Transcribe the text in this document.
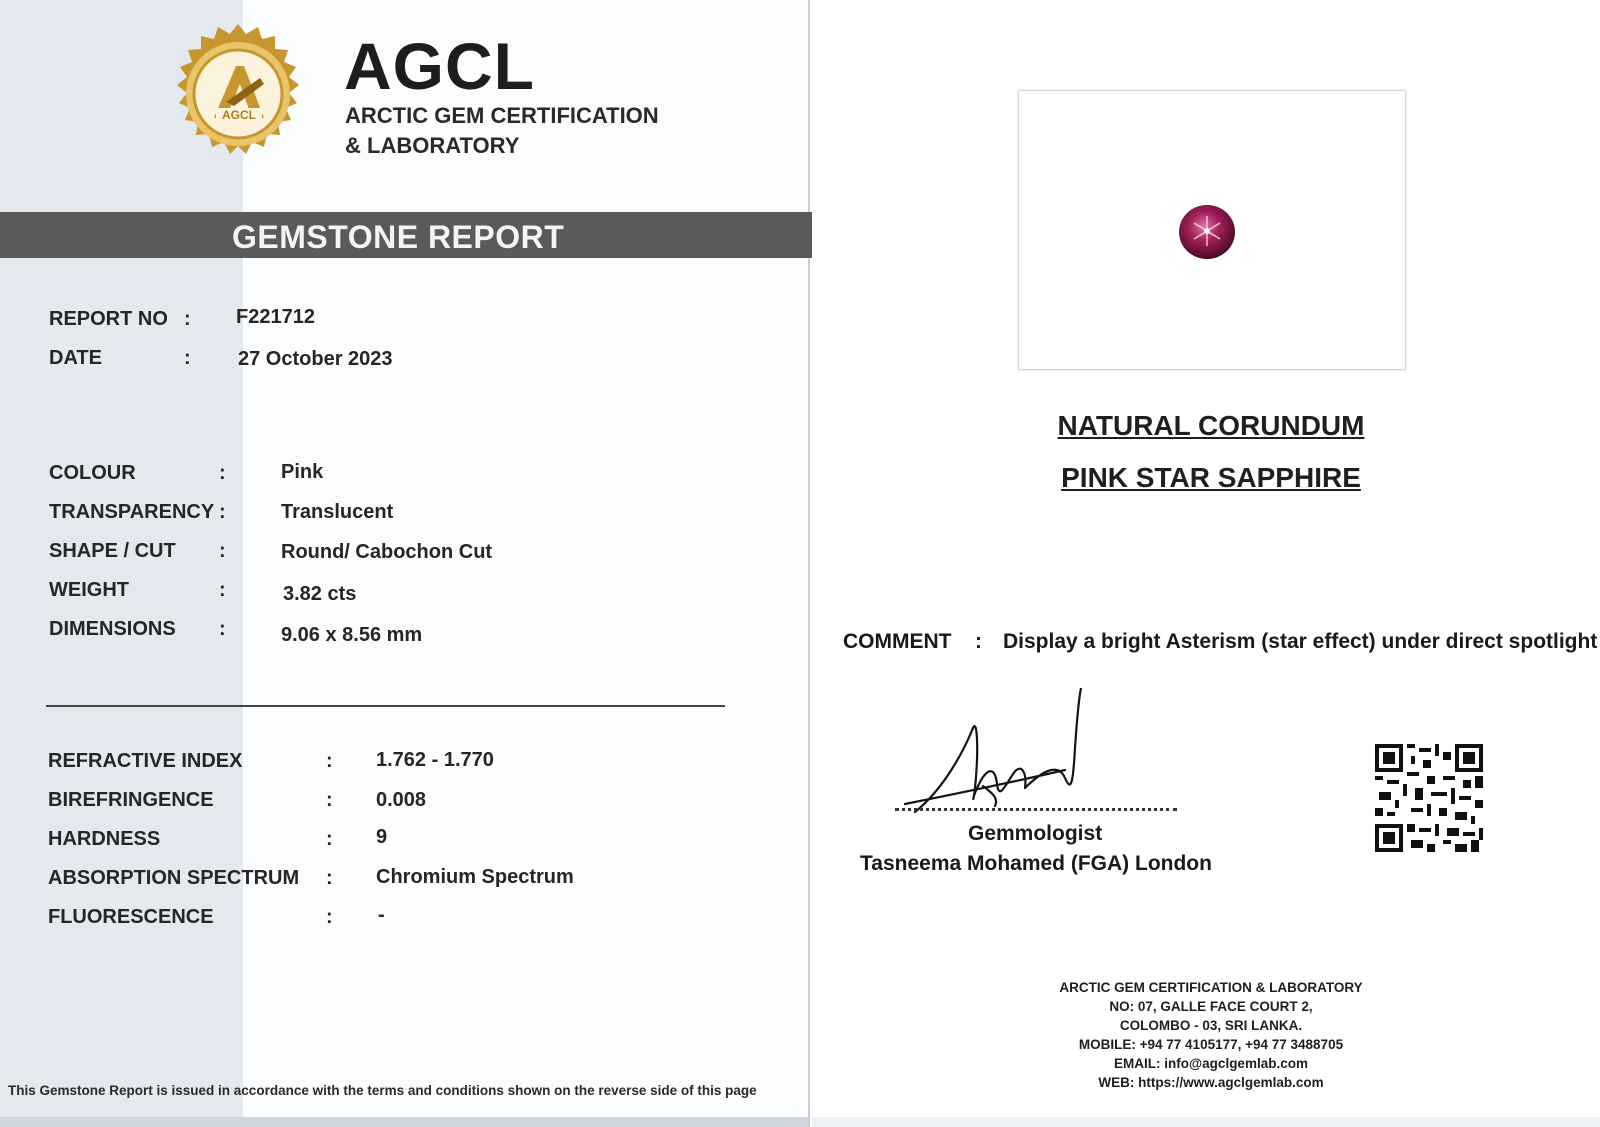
AGCL
AGCL
ARCTIC GEM CERTIFICATION
& LABORATORY
GEMSTONE REPORT
REPORT NO : F221712
DATE	: 27 October 2023
COLOUR	:	Pink
TRANSPARENCY :	Translucent
SHAPE / CUT :	Round/ Cabochon Cut
WEIGHT	:	3.82 cts
DIMENSIONS :	9.06 x 8.56 mm
REFRACTIVE INDEX	: 1.762 - 1.770
BIREFRINGENCE	: 0.008
HARDNESS	: 9
ABSORPTION SPECTRUM : Chromium Spectrum
FLUORESCENCE	: -
This Gemstone Report is issued in accordance with the terms and conditions shown on the reverse side of this page
NATURAL CORUNDUM
PINK STAR SAPPHIRE
COMMENT : Display a bright Asterism (star effect) under direct spotlight
Gemmologist
Tasneema Mohamed (FGA) London
ARCTIC GEM CERTIFICATION & LABORATORY
NO: 07, GALLE FACE COURT 2,
COLOMBO - 03, SRI LANKA.
MOBILE: +94 77 4105177, +94 77 3488705
EMAIL: info@agclgemlab.com
WEB: https://www.agclgemlab.com
